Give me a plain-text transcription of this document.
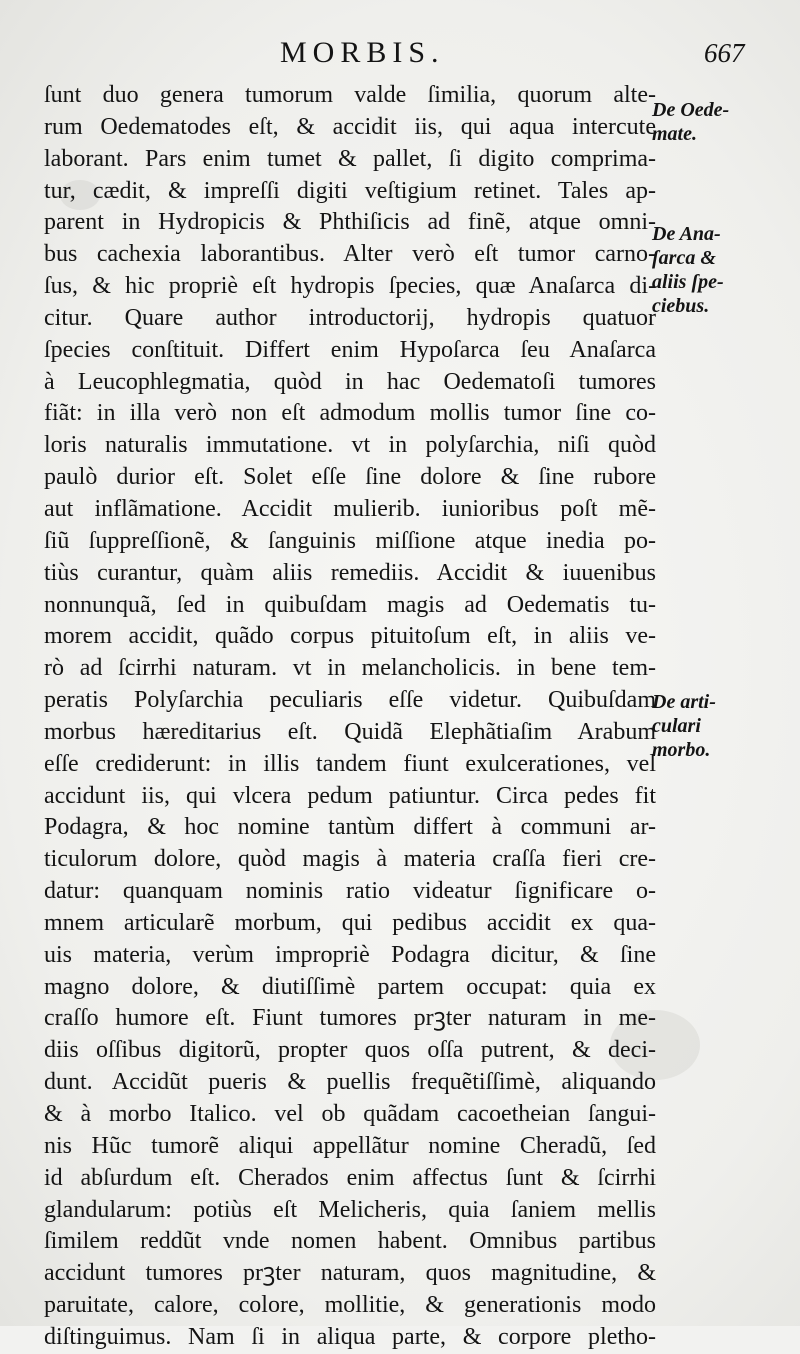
MORBIS.	667
ſunt duo genera tumorum valde ſimilia, quorum alte-
rum Oedematodes eſt, & accidit iis, qui aqua intercute
laborant. Pars enim tumet & pallet, ſi digito comprima-
tur, cædit, & impreſſi digiti veſtigium retinet. Tales ap-
parent in Hydropicis & Phthiſicis ad finẽ, atque omni-
bus cachexia laborantibus. Alter verò eſt tumor carno-
ſus, & hic propriè eſt hydropis ſpecies, quæ Anaſarca di-
citur. Quare author introductorij, hydropis quatuor
ſpecies conſtituit. Differt enim Hypoſarca ſeu Anaſarca
à Leucophlegmatia, quòd in hac Oedematoſi tumores
fiãt: in illa verò non eſt admodum mollis tumor ſine co-
loris naturalis immutatione. vt in polyſarchia, niſi quòd
paulò durior eſt. Solet eſſe ſine dolore & ſine rubore
aut inflãmatione. Accidit mulierib. iunioribus poſt mẽ-
ſiũ ſuppreſſionẽ, & ſanguinis miſſione atque inedia po-
tiùs curantur, quàm aliis remediis. Accidit & iuuenibus
nonnunquã, ſed in quibuſdam magis ad Oedematis tu-
morem accidit, quãdo corpus pituitoſum eſt, in aliis ve-
rò ad ſcirrhi naturam. vt in melancholicis. in bene tem-
peratis Polyſarchia peculiaris eſſe videtur. Quibuſdam
morbus hæreditarius eſt. Quidã Elephãtiaſim Arabum
eſſe crediderunt: in illis tandem fiunt exulcerationes, vel
accidunt iis, qui vlcera pedum patiuntur. Circa pedes fit
Podagra, & hoc nomine tantùm differt à communi ar-
ticulorum dolore, quòd magis à materia craſſa fieri cre-
datur: quanquam nominis ratio videatur ſignificare o-
mnem articularẽ morbum, qui pedibus accidit ex qua-
uis materia, verùm impropriè Podagra dicitur, & ſine
magno dolore, & diutiſſimè partem occupat: quia ex
craſſo humore eſt. Fiunt tumores prꝫter naturam in me-
diis oſſibus digitorũ, propter quos oſſa putrent, & deci-
dunt. Accidũt pueris & puellis frequẽtiſſimè, aliquando
& à morbo Italico. vel ob quãdam cacoetheian ſangui-
nis Hũc tumorẽ aliqui appellãtur nomine Cheradũ, ſed
id abſurdum eſt. Cherados enim affectus ſunt & ſcirrhi
glandularum: potiùs eſt Melicheris, quia ſaniem mellis
ſimilem reddũt vnde nomen habent. Omnibus partibus
accidunt tumores prꝫter naturam, quos magnitudine, &
paruitate, calore, colore, mollitie, & generationis modo
diſtinguimus. Nam ſi in aliqua parte, & corpore pletho-

De Oede-
mate.

De Ana-
ſarca &
aliis ſpe-
ciebus.

De arti-
culari
morbo.
